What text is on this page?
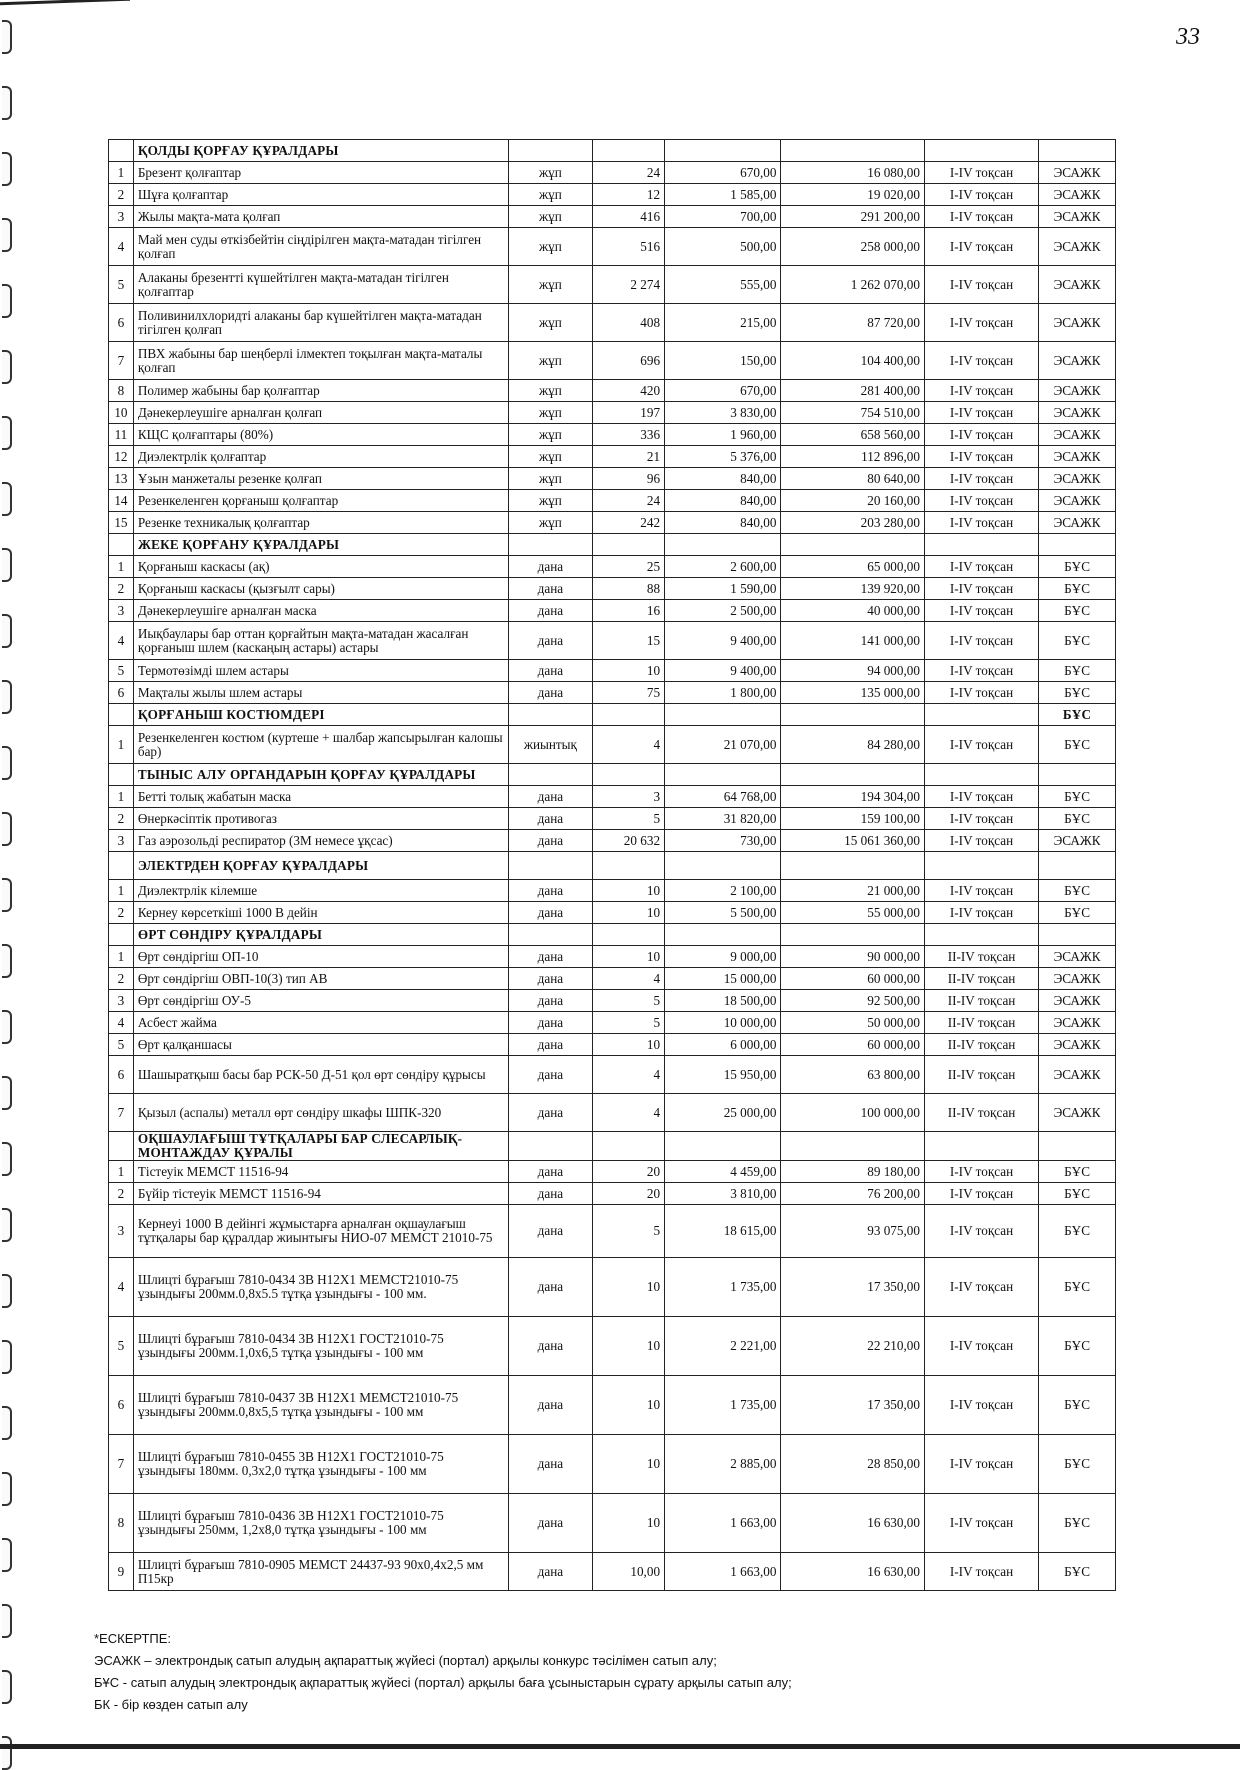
33
	ҚОЛДЫ ҚОРҒАУ ҚҰРАЛДАРЫ						
1	Брезент қолғаптар	жұп	24	670,00	16 080,00	I-IV тоқсан	ЭСАЖК
2	Шұға қолғаптар	жұп	12	1 585,00	19 020,00	I-IV тоқсан	ЭСАЖК
3	Жылы мақта-мата қолғап	жұп	416	700,00	291 200,00	I-IV тоқсан	ЭСАЖК
4	Май мен суды өткізбейтін сіңдірілген мақта-матадан тігілген қолғап	жұп	516	500,00	258 000,00	I-IV тоқсан	ЭСАЖК
5	Алаканы брезентті күшейтілген мақта-матадан тігілген қолғаптар	жұп	2 274	555,00	1 262 070,00	I-IV тоқсан	ЭСАЖК
6	Поливинилхлоридті алаканы бар күшейтілген мақта-матадан тігілген қолғап	жұп	408	215,00	87 720,00	I-IV тоқсан	ЭСАЖК
7	ПВХ жабыны бар шеңберлі ілмектеп тоқылған мақта-маталы қолғап	жұп	696	150,00	104 400,00	I-IV тоқсан	ЭСАЖК
8	Полимер жабыны бар қолғаптар	жұп	420	670,00	281 400,00	I-IV тоқсан	ЭСАЖК
10	Дәнекерлеушіге арналған қолғап	жұп	197	3 830,00	754 510,00	I-IV тоқсан	ЭСАЖК
11	КЩС қолғаптары (80%)	жұп	336	1 960,00	658 560,00	I-IV тоқсан	ЭСАЖК
12	Диэлектрлік қолғаптар	жұп	21	5 376,00	112 896,00	I-IV тоқсан	ЭСАЖК
13	Ұзын манжеталы резенке қолғап	жұп	96	840,00	80 640,00	I-IV тоқсан	ЭСАЖК
14	Резенкеленген қорғаныш қолғаптар	жұп	24	840,00	20 160,00	I-IV тоқсан	ЭСАЖК
15	Резенке техникалық қолғаптар	жұп	242	840,00	203 280,00	I-IV тоқсан	ЭСАЖК
	ЖЕКЕ ҚОРҒАНУ ҚҰРАЛДАРЫ						
1	Қорғаныш каскасы (ақ)	дана	25	2 600,00	65 000,00	I-IV тоқсан	БҰС
2	Қорғаныш каскасы (қызғылт сары)	дана	88	1 590,00	139 920,00	I-IV тоқсан	БҰС
3	Дәнекерлеушіге арналған маска	дана	16	2 500,00	40 000,00	I-IV тоқсан	БҰС
4	Иықбаулары бар оттан қорғайтын мақта-матадан жасалған қорғаныш шлем (каскаңың астары) астары	дана	15	9 400,00	141 000,00	I-IV тоқсан	БҰС
5	Термотөзімді шлем астары	дана	10	9 400,00	94 000,00	I-IV тоқсан	БҰС
6	Мақталы жылы шлем астары	дана	75	1 800,00	135 000,00	I-IV тоқсан	БҰС
	ҚОРҒАНЫШ КОСТЮМДЕРІ						БҰС
1	Резенкеленген костюм (куртеше + шалбар жапсырылған калошы бар)	жиынтық	4	21 070,00	84 280,00	I-IV тоқсан	БҰС
	ТЫНЫС АЛУ ОРГАНДАРЫН ҚОРҒАУ ҚҰРАЛДАРЫ						
1	Бетті толық жабатын маска	дана	3	64 768,00	194 304,00	I-IV тоқсан	БҰС
2	Өнеркәсіптік противогаз	дана	5	31 820,00	159 100,00	I-IV тоқсан	БҰС
3	Газ аэрозольді респиратор (3М немесе ұқсас)	дана	20 632	730,00	15 061 360,00	I-IV тоқсан	ЭСАЖК
	ЭЛЕКТРДЕН ҚОРҒАУ ҚҰРАЛДАРЫ						
1	Диэлектрлік кілемше	дана	10	2 100,00	21 000,00	I-IV тоқсан	БҰС
2	Кернеу көрсеткіші 1000 В дейін	дана	10	5 500,00	55 000,00	I-IV тоқсан	БҰС
	ӨРТ СӨНДІРУ ҚҰРАЛДАРЫ						
1	Өрт сөндіргіш ОП-10	дана	10	9 000,00	90 000,00	II-IV тоқсан	ЭСАЖК
2	Өрт сөндіргіш ОВП-10(3) тип АВ	дана	4	15 000,00	60 000,00	II-IV тоқсан	ЭСАЖК
3	Өрт сөндіргіш ОУ-5	дана	5	18 500,00	92 500,00	II-IV тоқсан	ЭСАЖК
4	Асбест жайма	дана	5	10 000,00	50 000,00	II-IV тоқсан	ЭСАЖК
5	Өрт қалқаншасы	дана	10	6 000,00	60 000,00	II-IV тоқсан	ЭСАЖК
6	Шашыратқыш басы бар РСК-50 Д-51 қол өрт сөндіру құрысы	дана	4	15 950,00	63 800,00	II-IV тоқсан	ЭСАЖК
7	Қызыл (аспалы) металл өрт сөндіру шкафы ШПК-320	дана	4	25 000,00	100 000,00	II-IV тоқсан	ЭСАЖК
	ОҚШАУЛАҒЫШ ТҰТҚАЛАРЫ БАР СЛЕСАРЛЫҚ-МОНТАЖДАУ ҚҰРАЛЫ						
1	Тістеуік МЕМСТ 11516-94	дана	20	4 459,00	89 180,00	I-IV тоқсан	БҰС
2	Бүйір тістеуік МЕМСТ 11516-94	дана	20	3 810,00	76 200,00	I-IV тоқсан	БҰС
3	Кернеуі 1000 В дейінгі жұмыстарға арналған оқшаулағыш тұтқалары бар құралдар жиынтығы НИО-07 МЕМСТ 21010-75	дана	5	18 615,00	93 075,00	I-IV тоқсан	БҰС
4	Шлицті бұрағыш 7810-0434 3В Н12Х1 МЕМСТ21010-75 ұзындығы 200мм.0,8х5.5 тұтқа ұзындығы - 100 мм.	дана	10	1 735,00	17 350,00	I-IV тоқсан	БҰС
5	Шлицті бұрағыш 7810-0434 3В Н12Х1 ГОСТ21010-75 ұзындығы 200мм.1,0х6,5 тұтқа ұзындығы - 100 мм	дана	10	2 221,00	22 210,00	I-IV тоқсан	БҰС
6	Шлицті бұрағыш 7810-0437 3В Н12Х1 МЕМСТ21010-75 ұзындығы 200мм.0,8х5,5 тұтқа ұзындығы - 100 мм	дана	10	1 735,00	17 350,00	I-IV тоқсан	БҰС
7	Шлицті бұрағыш 7810-0455 3В Н12Х1 ГОСТ21010-75 ұзындығы 180мм. 0,3х2,0 тұтқа ұзындығы - 100 мм	дана	10	2 885,00	28 850,00	I-IV тоқсан	БҰС
8	Шлицті бұрағыш 7810-0436 3В Н12Х1 ГОСТ21010-75 ұзындығы 250мм, 1,2х8,0 тұтқа ұзындығы - 100 мм	дана	10	1 663,00	16 630,00	I-IV тоқсан	БҰС
9	Шлицті бұрағыш 7810-0905 МЕМСТ 24437-93 90х0,4х2,5 мм П15кр	дана	10,00	1 663,00	16 630,00	I-IV тоқсан	БҰС
*ЕСКЕРТПЕ:
ЭСАЖК – электрондық сатып алудың ақпараттық жүйесі (портал) арқылы конкурс тәсілімен сатып алу;
БҰС - сатып алудың электрондық ақпараттық жүйесі (портал) арқылы баға ұсыныстарын сұрату арқылы сатып алу;
БК - бір көзден сатып алу
